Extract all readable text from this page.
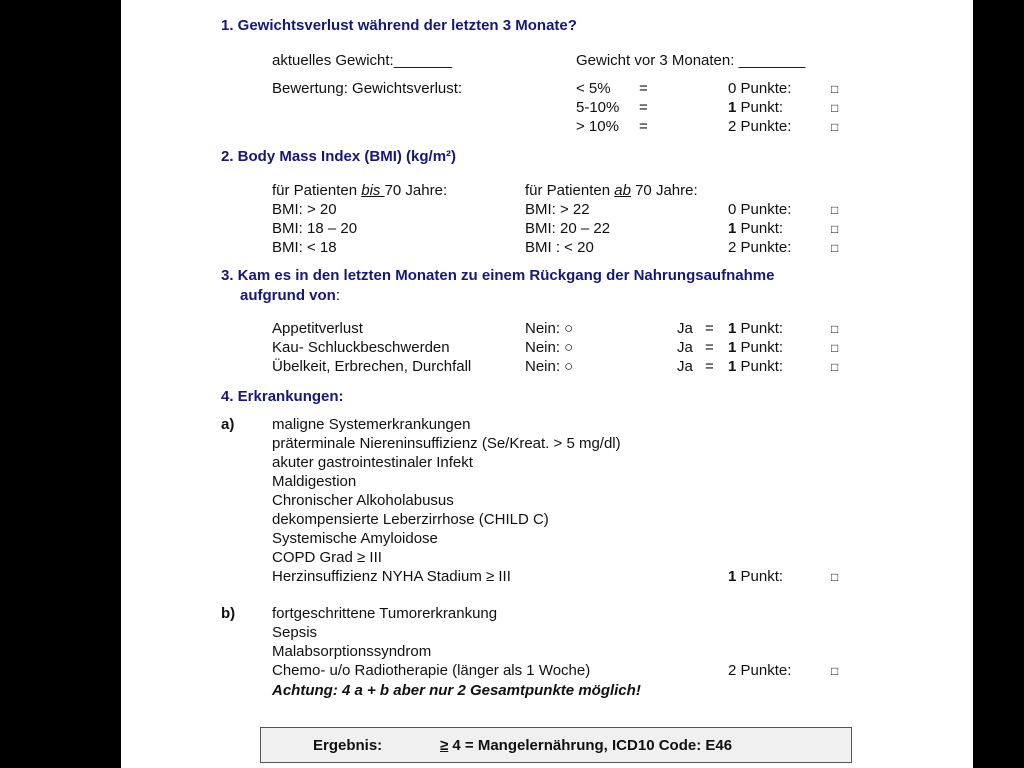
1. Gewichtsverlust während der letzten 3 Monate?
aktuelles Gewicht:_______	Gewicht vor 3 Monaten: ________
Bewertung: Gewichtsverlust:	< 5% =	0 Punkte:	□
5-10% =	1 Punkt:	□
> 10% =	2 Punkte:	□
2. Body Mass Index (BMI) (kg/m²)
für Patienten bis 70 Jahre:	für Patienten ab 70 Jahre:
BMI: > 20	BMI: > 22	0 Punkte:	□
BMI: 18 – 20	BMI: 20 – 22	1 Punkt:	□
BMI: < 18	BMI : < 20	2 Punkte:	□
3. Kam es in den letzten Monaten zu einem Rückgang der Nahrungsaufnahme
aufgrund von:
Appetitverlust	Nein: ○	Ja = 1 Punkt:	□
Kau- Schluckbeschwerden	Nein: ○	Ja = 1 Punkt:	□
Übelkeit, Erbrechen, Durchfall	Nein: ○	Ja = 1 Punkt:	□
4. Erkrankungen:
a)	maligne Systemerkrankungen
präterminale Niereninsuffizienz (Se/Kreat. > 5 mg/dl)
akuter gastrointestinaler Infekt
Maldigestion
Chronischer Alkoholabusus
dekompensierte Leberzirrhose (CHILD C)
Systemische Amyloidose
COPD Grad ≥ III
Herzinsuffizienz NYHA Stadium ≥ III	1 Punkt:	□
b) fortgeschrittene Tumorerkrankung
Sepsis
Malabsorptionssyndrom
Chemo- u/o Radiotherapie (länger als 1 Woche)	2 Punkte:	□
Achtung: 4 a + b aber nur 2 Gesamtpunkte möglich!
Ergebnis:	≥ 4 = Mangelernährung, ICD10 Code: E46
